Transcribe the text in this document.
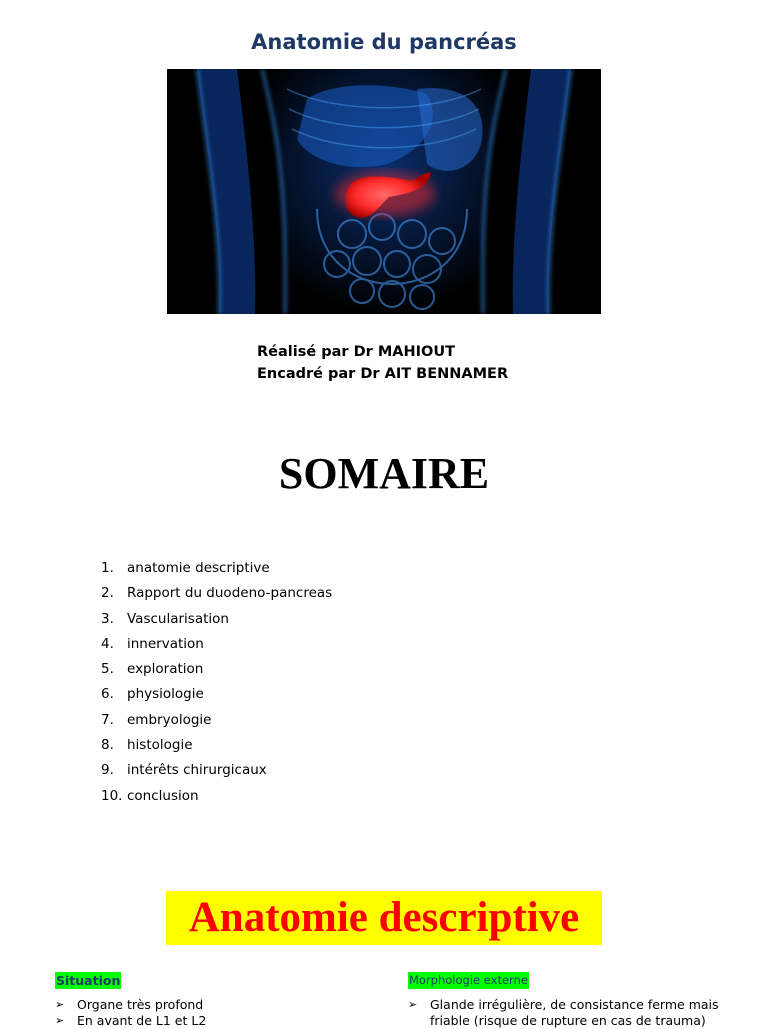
Anatomie du pancréas
Réalisé par Dr MAHIOUT
Encadré par Dr AIT BENNAMER
SOMAIRE
1. anatomie descriptive
2. Rapport du duodeno-pancreas
3. Vascularisation
4. innervation
5. exploration
6. physiologie
7. embryologie
8. histologie
9. intérêts chirurgicaux
10. conclusion
Anatomie descriptive
Situation
➢ Organe très profond
➢ En avant de L1 et L2
Morphologie externe
➢ Glande irrégulière, de consistance ferme mais friable (risque de rupture en cas de trauma)
